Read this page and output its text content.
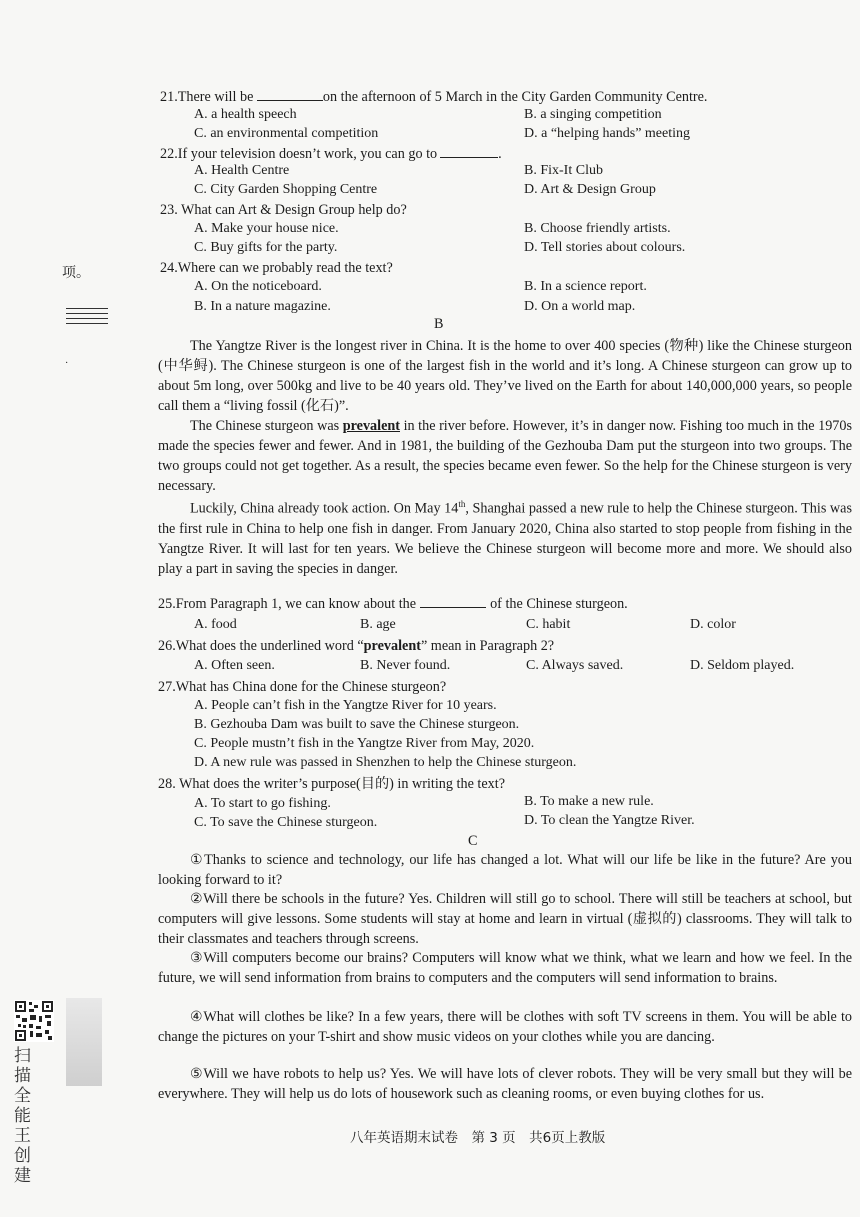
项。
·
扫描全能王 创建
21.There will be	on the afternoon of 5 March in the City Garden Community Centre.
A. a health speech	B. a singing competition
C. an environmental competition	D. a “helping hands” meeting
22.If your television doesn’t work, you can go to	.
A. Health Centre	B. Fix-It Club
C. City Garden Shopping Centre	D. Art & Design Group
23. What can Art & Design Group help do?
A. Make your house nice.	B. Choose friendly artists.
C. Buy gifts for the party.	D. Tell stories about colours.
24.Where can we probably read the text?
A. On the noticeboard.	B. In a science report.
B. In a nature magazine.	D. On a world map.
B
The Yangtze River is the longest river in China. It is the home to over 400 species (物种) like the Chinese sturgeon (中华鲟). The Chinese sturgeon is one of the largest fish in the world and it’s long. A Chinese sturgeon can grow up to about 5m long, over 500kg and live to be 40 years old. They’ve lived on the Earth for about 140,000,000 years, so people call them a “living fossil (化石)”.
The Chinese sturgeon was prevalent in the river before. However, it’s in danger now. Fishing too much in the 1970s made the species fewer and fewer. And in 1981, the building of the Gezhouba Dam put the sturgeon into two groups. The two groups could not get together. As a result, the species became even fewer. So the help for the Chinese sturgeon is very necessary.
Luckily, China already took action. On May 14th, Shanghai passed a new rule to help the Chinese sturgeon. This was the first rule in China to help one fish in danger. From January 2020, China also started to stop people from fishing in the Yangtze River. It will last for ten years. We believe the Chinese sturgeon will become more and more. We should also play a part in saving the species in danger.
25.From Paragraph 1, we can know about the	of the Chinese sturgeon.
A. food	B. age	C. habit	D. color
26.What does the underlined word “prevalent” mean in Paragraph 2?
A. Often seen.	B. Never found.	C. Always saved.	D. Seldom played.
27.What has China done for the Chinese sturgeon?
A. People can’t fish in the Yangtze River for 10 years.
B. Gezhouba Dam was built to save the Chinese sturgeon.
C. People mustn’t fish in the Yangtze River from May, 2020.
D. A new rule was passed in Shenzhen to help the Chinese sturgeon.
28. What does the writer’s purpose(目的) in writing the text?
A. To start to go fishing.	B. To make a new rule.
C. To save the Chinese sturgeon.	D. To clean the Yangtze River.
C
①Thanks to science and technology, our life has changed a lot. What will our life be like in the future? Are you looking forward to it?
②Will there be schools in the future? Yes. Children will still go to school. There will still be teachers at school, but computers will give lessons. Some students will stay at home and learn in virtual (虚拟的) classrooms. They will talk to their classmates and teachers through screens.
③Will computers become our brains? Computers will know what we think, what we learn and how we feel. In the future, we will send information from brains to computers and the computers will send information to brains.
④What will clothes be like? In a few years, there will be clothes with soft TV screens in them. You will be able to change the pictures on your T-shirt and show music videos on your clothes while you are dancing.
⑤Will we have robots to help us? Yes. We will have lots of clever robots. They will be very small but they will be everywhere. They will help us do lots of housework such as cleaning rooms, or even buying clothes for us.
八年英语期末试卷　第 3 页　共6页上教版
